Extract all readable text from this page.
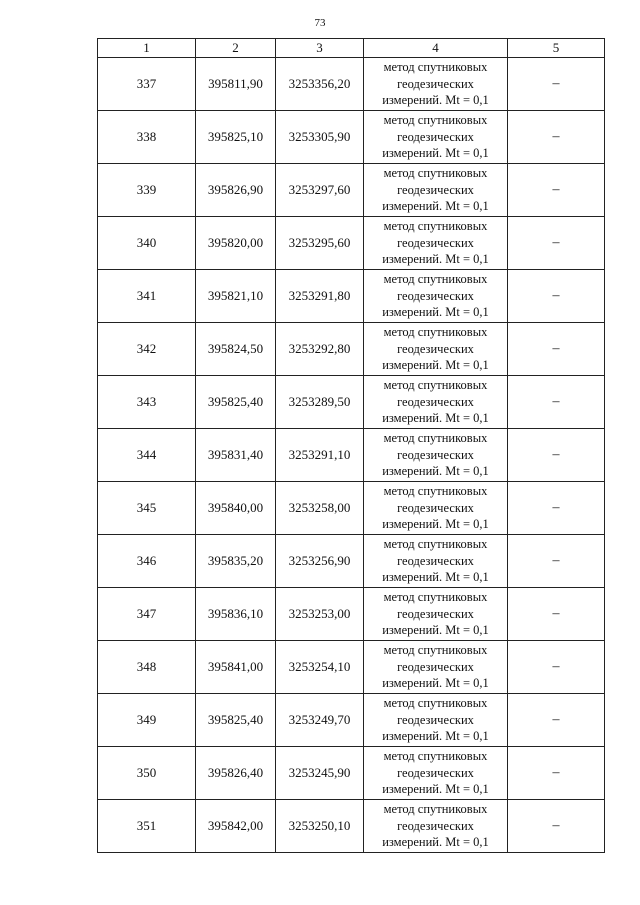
73
1	2	3	4	5
337	395811,90	3253356,20	метод спутниковых
геодезических
измерений. Mt = 0,1	–
338	395825,10	3253305,90	метод спутниковых
геодезических
измерений. Mt = 0,1	–
339	395826,90	3253297,60	метод спутниковых
геодезических
измерений. Mt = 0,1	–
340	395820,00	3253295,60	метод спутниковых
геодезических
измерений. Mt = 0,1	–
341	395821,10	3253291,80	метод спутниковых
геодезических
измерений. Mt = 0,1	–
342	395824,50	3253292,80	метод спутниковых
геодезических
измерений. Mt = 0,1	–
343	395825,40	3253289,50	метод спутниковых
геодезических
измерений. Mt = 0,1	–
344	395831,40	3253291,10	метод спутниковых
геодезических
измерений. Mt = 0,1	–
345	395840,00	3253258,00	метод спутниковых
геодезических
измерений. Mt = 0,1	–
346	395835,20	3253256,90	метод спутниковых
геодезических
измерений. Mt = 0,1	–
347	395836,10	3253253,00	метод спутниковых
геодезических
измерений. Mt = 0,1	–
348	395841,00	3253254,10	метод спутниковых
геодезических
измерений. Mt = 0,1	–
349	395825,40	3253249,70	метод спутниковых
геодезических
измерений. Mt = 0,1	–
350	395826,40	3253245,90	метод спутниковых
геодезических
измерений. Mt = 0,1	–
351	395842,00	3253250,10	метод спутниковых
геодезических
измерений. Mt = 0,1	–
